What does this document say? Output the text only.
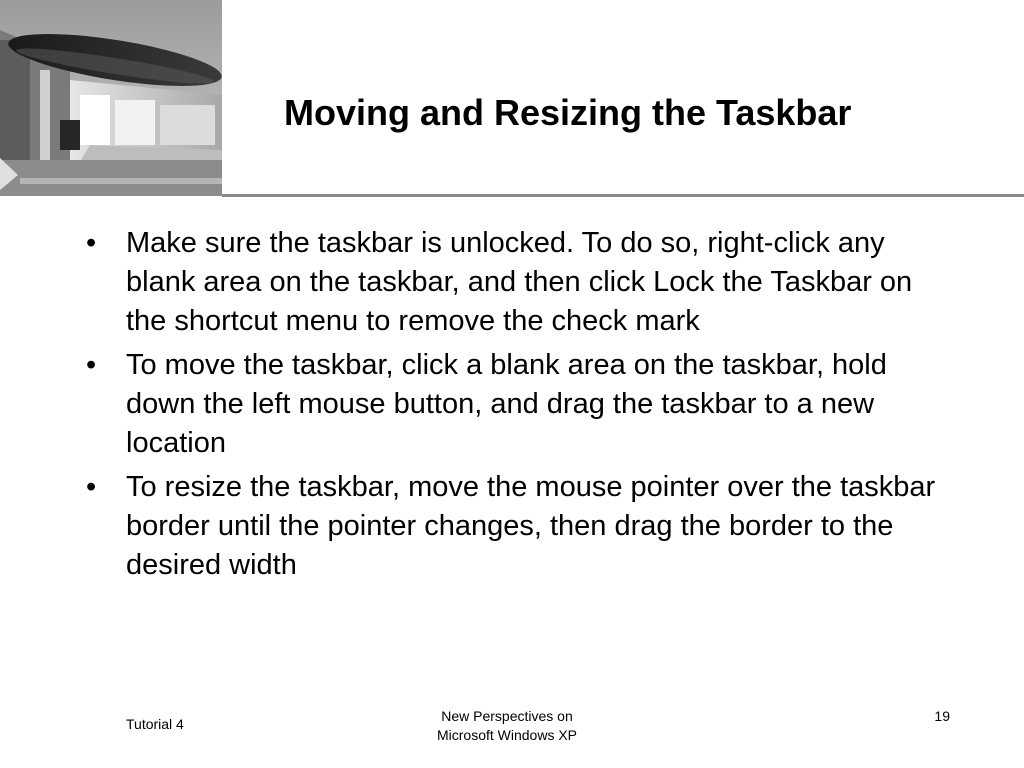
Moving and Resizing the Taskbar
•	Make sure the taskbar is unlocked. To do so, right-click any blank area on the taskbar, and then click Lock the Taskbar on the shortcut menu to remove the check mark
•	To move the taskbar, click a blank area on the taskbar, hold down the left mouse button, and drag the taskbar to a new location
•	To resize the taskbar, move the mouse pointer over the taskbar border until the pointer changes, then drag the border to the desired width
Tutorial 4	New Perspectives on
Microsoft Windows XP
19
